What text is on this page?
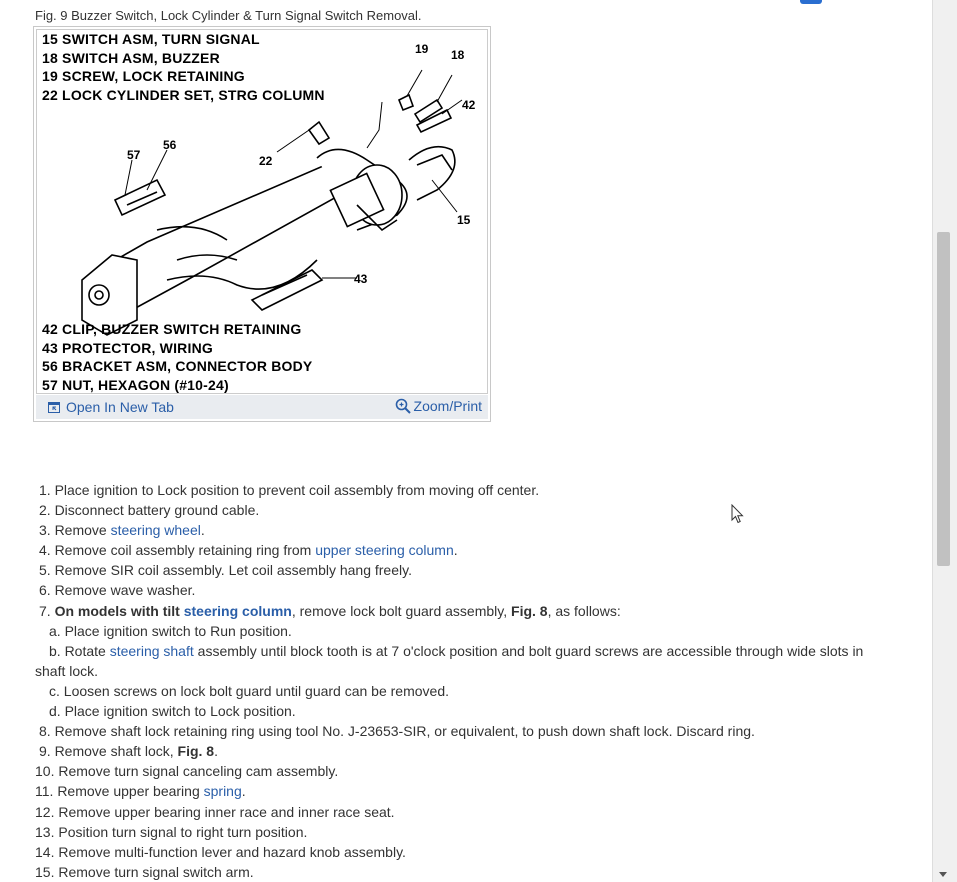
Fig. 9 Buzzer Switch, Lock Cylinder & Turn Signal Switch Removal.
15 SWITCH ASM, TURN SIGNAL
18 SWITCH ASM, BUZZER
19 SCREW, LOCK RETAINING
22 LOCK CYLINDER SET, STRG COLUMN
19 18
42
15
22
57
56
43
42 CLIP, BUZZER SWITCH RETAINING
43 PROTECTOR, WIRING
56 BRACKET ASM, CONNECTOR BODY
57 NUT, HEXAGON (#10-24)
Open In New Tab	Zoom/Print

1. Place ignition to Lock position to prevent coil assembly from moving off center.

2. Disconnect battery ground cable.

3. Remove steering wheel.

4. Remove coil assembly retaining ring from upper steering column.

5. Remove SIR coil assembly. Let coil assembly hang freely.

6. Remove wave washer.

7. On models with tilt steering column, remove lock bolt guard assembly, Fig. 8, as follows:

a. Place ignition switch to Run position.

b. Rotate steering shaft assembly until block tooth is at 7 o'clock position and bolt guard screws are accessible through wide slots in shaft lock.

c. Loosen screws on lock bolt guard until guard can be removed.

d. Place ignition switch to Lock position.

8. Remove shaft lock retaining ring using tool No. J-23653-SIR, or equivalent, to push down shaft lock. Discard ring.

9. Remove shaft lock, Fig. 8.

10. Remove turn signal canceling cam assembly.

11. Remove upper bearing spring.

12. Remove upper bearing inner race and inner race seat.

13. Position turn signal to right turn position.

14. Remove multi-function lever and hazard knob assembly.

15. Remove turn signal switch arm.
